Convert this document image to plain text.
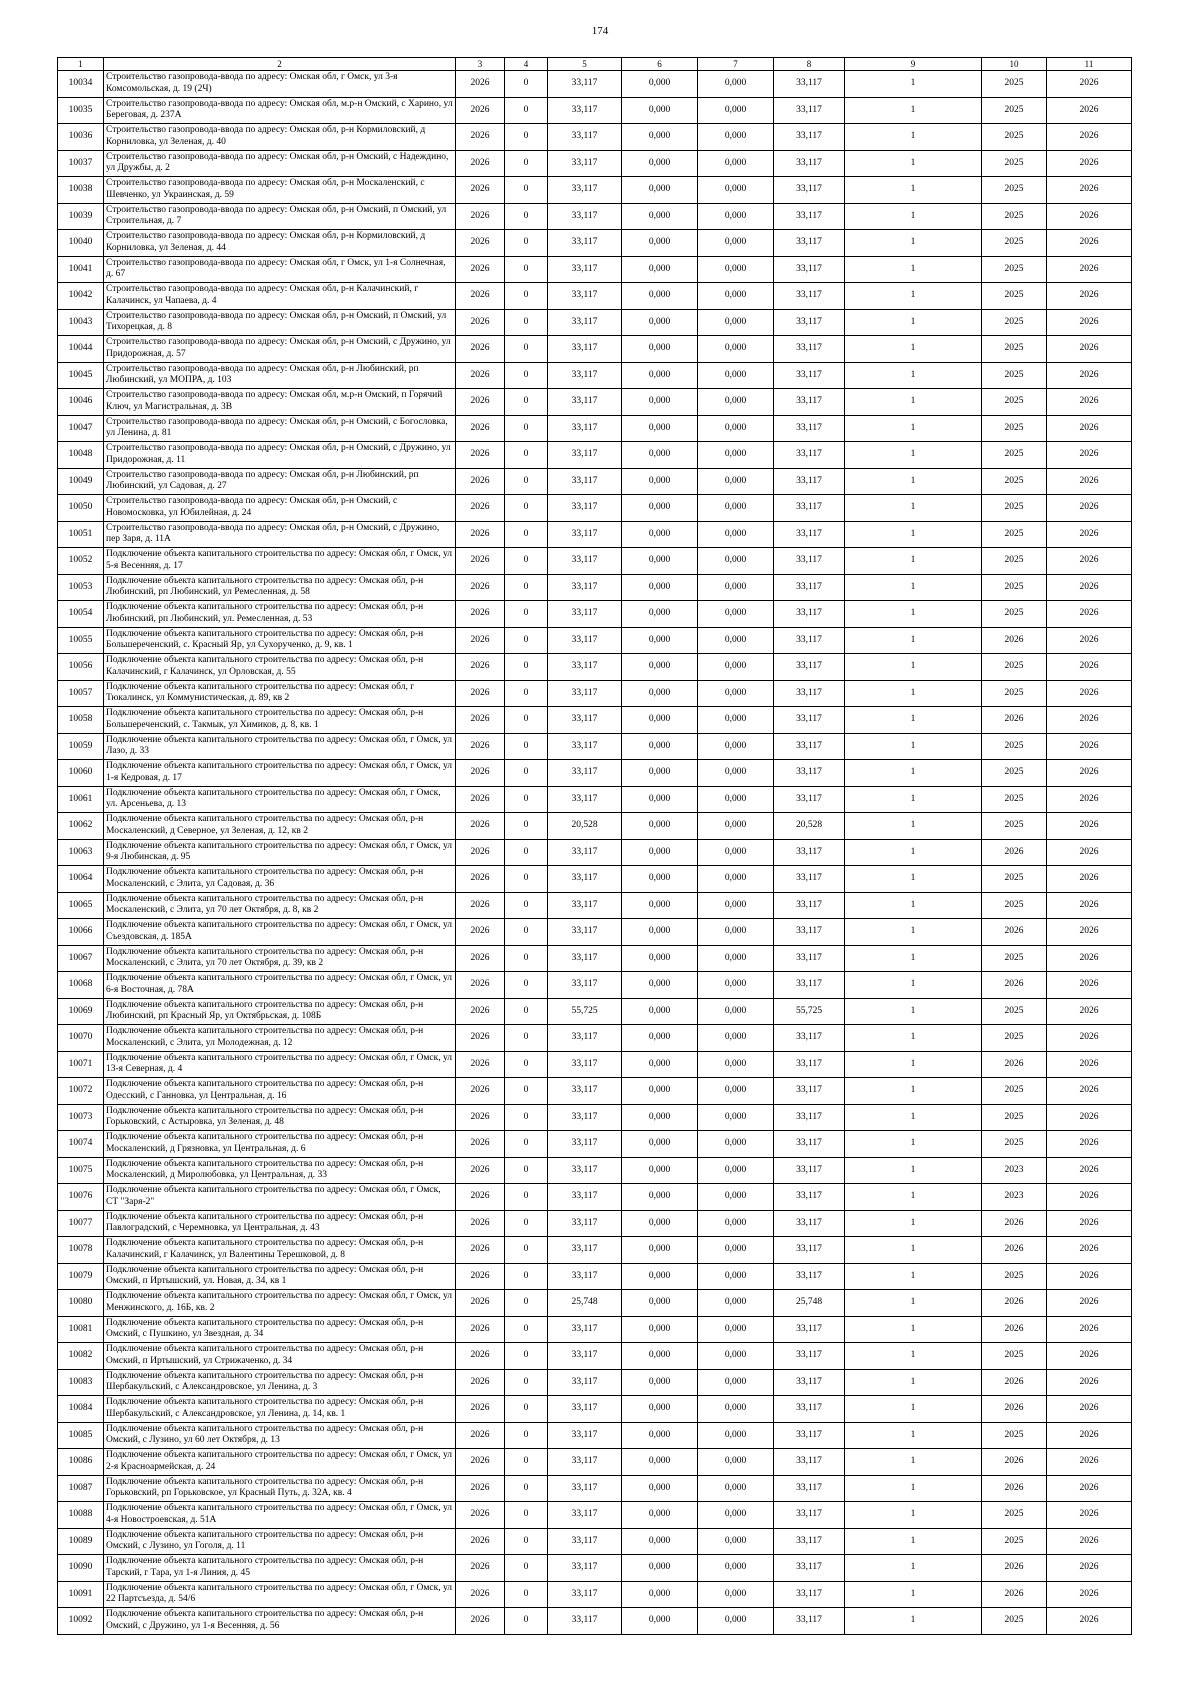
174
1	2	3	4	5	6	7	8	9	10	11
10034	Строительство газопровода-ввода по адресу: Омская обл, г Омск, ул 3-я Комсомольская, д. 19 (2Ч)	2026	0	33,117	0,000	0,000	33,117	1	2025	2026
10035	Строительство газопровода-ввода по адресу: Омская обл, м.р-н Омский, с Харино, ул Береговая, д. 237А	2026	0	33,117	0,000	0,000	33,117	1	2025	2026
10036	Строительство газопровода-ввода по адресу: Омская обл, р-н Кормиловский, д Корниловка, ул Зеленая, д. 40	2026	0	33,117	0,000	0,000	33,117	1	2025	2026
10037	Строительство газопровода-ввода по адресу: Омская обл, р-н Омский, с Надеждино, ул Дружбы, д. 2	2026	0	33,117	0,000	0,000	33,117	1	2025	2026
10038	Строительство газопровода-ввода по адресу: Омская обл, р-н Москаленский, с Шевченко, ул Украинская, д. 59	2026	0	33,117	0,000	0,000	33,117	1	2025	2026
10039	Строительство газопровода-ввода по адресу: Омская обл, р-н Омский, п Омский, ул Строительная, д. 7	2026	0	33,117	0,000	0,000	33,117	1	2025	2026
10040	Строительство газопровода-ввода по адресу: Омская обл, р-н Кормиловский, д Корниловка, ул Зеленая, д. 44	2026	0	33,117	0,000	0,000	33,117	1	2025	2026
10041	Строительство газопровода-ввода по адресу: Омская обл, г Омск, ул 1-я Солнечная, д. 67	2026	0	33,117	0,000	0,000	33,117	1	2025	2026
10042	Строительство газопровода-ввода по адресу: Омская обл, р-н Калачинский, г Калачинск, ул Чапаева, д. 4	2026	0	33,117	0,000	0,000	33,117	1	2025	2026
10043	Строительство газопровода-ввода по адресу: Омская обл, р-н Омский, п Омский, ул Тихорецкая, д. 8	2026	0	33,117	0,000	0,000	33,117	1	2025	2026
10044	Строительство газопровода-ввода по адресу: Омская обл, р-н Омский, с Дружино, ул Придорожная, д. 57	2026	0	33,117	0,000	0,000	33,117	1	2025	2026
10045	Строительство газопровода-ввода по адресу: Омская обл, р-н Любинский, рп Любинский, ул МОПРА, д. 103	2026	0	33,117	0,000	0,000	33,117	1	2025	2026
10046	Строительство газопровода-ввода по адресу: Омская обл, м.р-н Омский, п Горячий Ключ, ул Магистральная, д. 3В	2026	0	33,117	0,000	0,000	33,117	1	2025	2026
10047	Строительство газопровода-ввода по адресу: Омская обл, р-н Омский, с Богословка, ул Ленина, д. 81	2026	0	33,117	0,000	0,000	33,117	1	2025	2026
10048	Строительство газопровода-ввода по адресу: Омская обл, р-н Омский, с Дружино, ул Придорожная, д. 11	2026	0	33,117	0,000	0,000	33,117	1	2025	2026
10049	Строительство газопровода-ввода по адресу: Омская обл, р-н Любинский, рп Любинский, ул Садовая, д. 27	2026	0	33,117	0,000	0,000	33,117	1	2025	2026
10050	Строительство газопровода-ввода по адресу: Омская обл, р-н Омский, с Новомосковка, ул Юбилейная, д. 24	2026	0	33,117	0,000	0,000	33,117	1	2025	2026
10051	Строительство газопровода-ввода по адресу: Омская обл, р-н Омский, с Дружино, пер Заря, д. 11А	2026	0	33,117	0,000	0,000	33,117	1	2025	2026
10052	Подключение объекта капитального строительства по адресу: Омская обл, г Омск, ул 5-я Весенняя, д. 17	2026	0	33,117	0,000	0,000	33,117	1	2025	2026
10053	Подключение объекта капитального строительства по адресу: Омская обл, р-н Любинский, рп Любинский, ул Ремесленная, д. 58	2026	0	33,117	0,000	0,000	33,117	1	2025	2026
10054	Подключение объекта капитального строительства по адресу: Омская обл, р-н Любинский, рп Любинский, ул. Ремесленная, д. 53	2026	0	33,117	0,000	0,000	33,117	1	2025	2026
10055	Подключение объекта капитального строительства по адресу: Омская обл, р-н Большереченский, с. Красный Яр, ул Сухорученко, д. 9, кв. 1	2026	0	33,117	0,000	0,000	33,117	1	2026	2026
10056	Подключение объекта капитального строительства по адресу: Омская обл, р-н Калачинский, г Калачинск, ул Орловская, д. 55	2026	0	33,117	0,000	0,000	33,117	1	2025	2026
10057	Подключение объекта капитального строительства по адресу: Омская обл, г Тюкалинск, ул Коммунистическая, д. 89, кв 2	2026	0	33,117	0,000	0,000	33,117	1	2025	2026
10058	Подключение объекта капитального строительства по адресу: Омская обл, р-н Большереченский, с. Такмык, ул Химиков, д. 8, кв. 1	2026	0	33,117	0,000	0,000	33,117	1	2026	2026
10059	Подключение объекта капитального строительства по адресу: Омская обл, г Омск, ул Лазо, д. 33	2026	0	33,117	0,000	0,000	33,117	1	2025	2026
10060	Подключение объекта капитального строительства по адресу: Омская обл, г Омск, ул 1-я Кедровая, д. 17	2026	0	33,117	0,000	0,000	33,117	1	2025	2026
10061	Подключение объекта капитального строительства по адресу: Омская обл, г Омск, ул. Арсеньева, д. 13	2026	0	33,117	0,000	0,000	33,117	1	2025	2026
10062	Подключение объекта капитального строительства по адресу: Омская обл, р-н Москаленский, д Северное, ул Зеленая, д. 12, кв 2	2026	0	20,528	0,000	0,000	20,528	1	2025	2026
10063	Подключение объекта капитального строительства по адресу: Омская обл, г Омск, ул 9-я Любинская, д. 95	2026	0	33,117	0,000	0,000	33,117	1	2026	2026
10064	Подключение объекта капитального строительства по адресу: Омская обл, р-н Москаленский, с Элита, ул Садовая, д. 36	2026	0	33,117	0,000	0,000	33,117	1	2025	2026
10065	Подключение объекта капитального строительства по адресу: Омская обл, р-н Москаленский, с Элита, ул 70 лет Октября, д. 8, кв 2	2026	0	33,117	0,000	0,000	33,117	1	2025	2026
10066	Подключение объекта капитального строительства по адресу: Омская обл, г Омск, ул Съездовская, д. 185А	2026	0	33,117	0,000	0,000	33,117	1	2026	2026
10067	Подключение объекта капитального строительства по адресу: Омская обл, р-н Москаленский, с Элита, ул 70 лет Октября, д. 39, кв 2	2026	0	33,117	0,000	0,000	33,117	1	2025	2026
10068	Подключение объекта капитального строительства по адресу: Омская обл, г Омск, ул 6-я Восточная, д. 78А	2026	0	33,117	0,000	0,000	33,117	1	2026	2026
10069	Подключение объекта капитального строительства по адресу: Омская обл, р-н Любинский, рп Красный Яр, ул Октябрьская, д. 108Б	2026	0	55,725	0,000	0,000	55,725	1	2025	2026
10070	Подключение объекта капитального строительства по адресу: Омская обл, р-н Москаленский, с Элита, ул Молодежная, д. 12	2026	0	33,117	0,000	0,000	33,117	1	2025	2026
10071	Подключение объекта капитального строительства по адресу: Омская обл, г Омск, ул 13-я Северная, д. 4	2026	0	33,117	0,000	0,000	33,117	1	2026	2026
10072	Подключение объекта капитального строительства по адресу: Омская обл, р-н Одесский, с Ганновка, ул Центральная, д. 16	2026	0	33,117	0,000	0,000	33,117	1	2025	2026
10073	Подключение объекта капитального строительства по адресу: Омская обл, р-н Горьковский, с Астыровка, ул Зеленая, д. 48	2026	0	33,117	0,000	0,000	33,117	1	2025	2026
10074	Подключение объекта капитального строительства по адресу: Омская обл, р-н Москаленский, д Грязновка, ул Центральная, д. 6	2026	0	33,117	0,000	0,000	33,117	1	2025	2026
10075	Подключение объекта капитального строительства по адресу: Омская обл, р-н Москаленский, д Миролюбовка, ул Центральная, д. 33	2026	0	33,117	0,000	0,000	33,117	1	2023	2026
10076	Подключение объекта капитального строительства по адресу: Омская обл, г Омск, СТ "Заря-2"	2026	0	33,117	0,000	0,000	33,117	1	2023	2026
10077	Подключение объекта капитального строительства по адресу: Омская обл, р-н Павлоградский, с Черемновка, ул Центральная, д. 43	2026	0	33,117	0,000	0,000	33,117	1	2026	2026
10078	Подключение объекта капитального строительства по адресу: Омская обл, р-н Калачинский, г Калачинск, ул Валентины Терешковой, д. 8	2026	0	33,117	0,000	0,000	33,117	1	2026	2026
10079	Подключение объекта капитального строительства по адресу: Омская обл, р-н Омский, п Иртышский, ул. Новая, д. 34, кв 1	2026	0	33,117	0,000	0,000	33,117	1	2025	2026
10080	Подключение объекта капитального строительства по адресу: Омская обл, г Омск, ул Менжинского, д. 16Б, кв. 2	2026	0	25,748	0,000	0,000	25,748	1	2026	2026
10081	Подключение объекта капитального строительства по адресу: Омская обл, р-н Омский, с Пушкино, ул Звездная, д. 34	2026	0	33,117	0,000	0,000	33,117	1	2026	2026
10082	Подключение объекта капитального строительства по адресу: Омская обл, р-н Омский, п Иртышский, ул Стрижаченко, д. 34	2026	0	33,117	0,000	0,000	33,117	1	2025	2026
10083	Подключение объекта капитального строительства по адресу: Омская обл, р-н Шербакульский, с Александровское, ул Ленина, д. 3	2026	0	33,117	0,000	0,000	33,117	1	2026	2026
10084	Подключение объекта капитального строительства по адресу: Омская обл, р-н Шербакульский, с Александровское, ул Ленина, д. 14, кв. 1	2026	0	33,117	0,000	0,000	33,117	1	2026	2026
10085	Подключение объекта капитального строительства по адресу: Омская обл, р-н Омский, с Лузино, ул 60 лет Октября, д. 13	2026	0	33,117	0,000	0,000	33,117	1	2025	2026
10086	Подключение объекта капитального строительства по адресу: Омская обл, г Омск, ул 2-я Красноармейская, д. 24	2026	0	33,117	0,000	0,000	33,117	1	2026	2026
10087	Подключение объекта капитального строительства по адресу: Омская обл, р-н Горьковский, рп Горьковское, ул Красный Путь, д. 32А, кв. 4	2026	0	33,117	0,000	0,000	33,117	1	2026	2026
10088	Подключение объекта капитального строительства по адресу: Омская обл, г Омск, ул 4-я Новостроевская, д. 51А	2026	0	33,117	0,000	0,000	33,117	1	2025	2026
10089	Подключение объекта капитального строительства по адресу: Омская обл, р-н Омский, с Лузино, ул Гоголя, д. 11	2026	0	33,117	0,000	0,000	33,117	1	2025	2026
10090	Подключение объекта капитального строительства по адресу: Омская обл, р-н Тарский, г Тара, ул 1-я Линия, д. 45	2026	0	33,117	0,000	0,000	33,117	1	2026	2026
10091	Подключение объекта капитального строительства по адресу: Омская обл, г Омск, ул 22 Партсъезда, д. 54/6	2026	0	33,117	0,000	0,000	33,117	1	2026	2026
10092	Подключение объекта капитального строительства по адресу: Омская обл, р-н Омский, с Дружино, ул 1-я Весенняя, д. 56	2026	0	33,117	0,000	0,000	33,117	1	2025	2026
